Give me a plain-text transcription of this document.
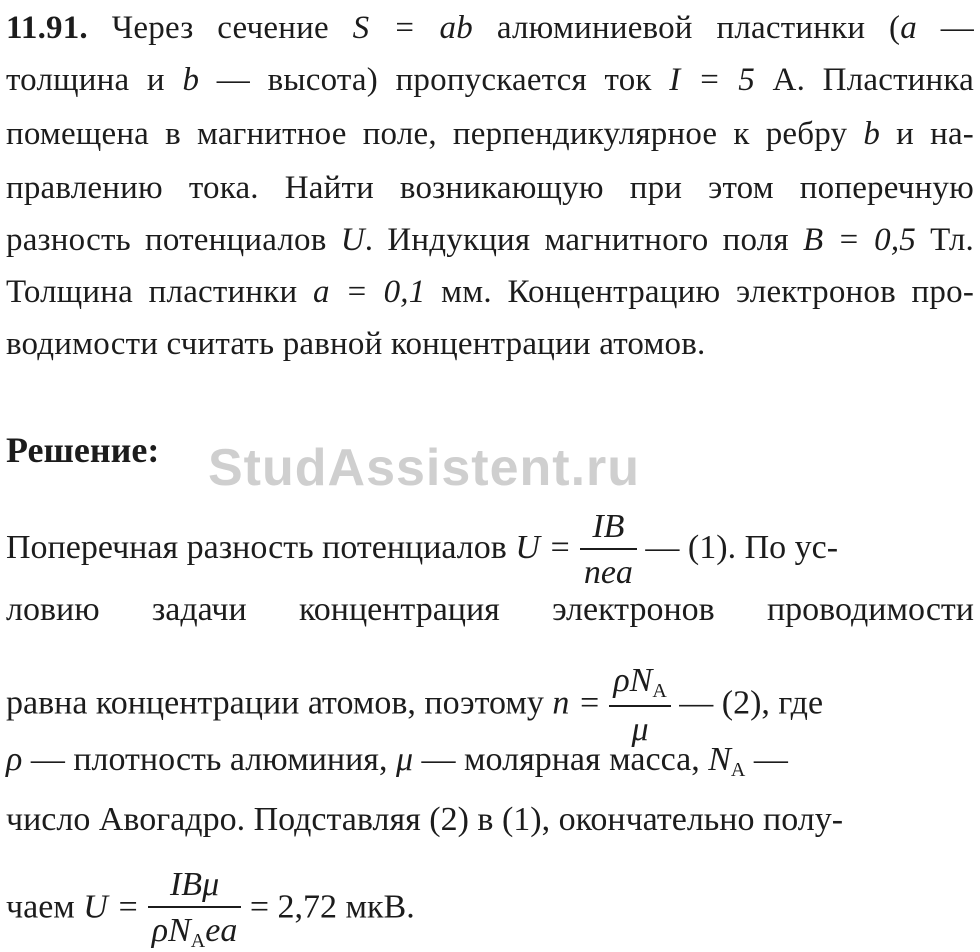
11.91. Через сечение S = ab алюминиевой пластинки (a —
толщина и b — высота) пропускается ток I = 5 А. Пластинка
помещена в магнитное поле, перпендикулярное к ребру b и на-
правлению тока. Найти возникающую при этом поперечную
разность потенциалов U. Индукция магнитного поля B = 0,5 Тл.
Толщина пластинки a = 0,1 мм. Концентрацию электронов про-
водимости считать равной концентрации атомов.
Решение: StudAssistent.ru
Поперечная разность потенциалов $U = \frac{IB}{\text{nea}}$ — (1). По ус-
ловию задачи концентрация электронов проводимости
равна концентрации атомов, поэтому $n = \frac{\rho N_A}{\mu}$ — (2), где
ρ — плотность алюминия, μ — молярная масса, $N_A$ —
число Авогадро. Подставляя (2) в (1), окончательно полу-
чаем $U = \frac{\text{IBμ}}{\rho N_Aea} = 2,72$ мкВ.
